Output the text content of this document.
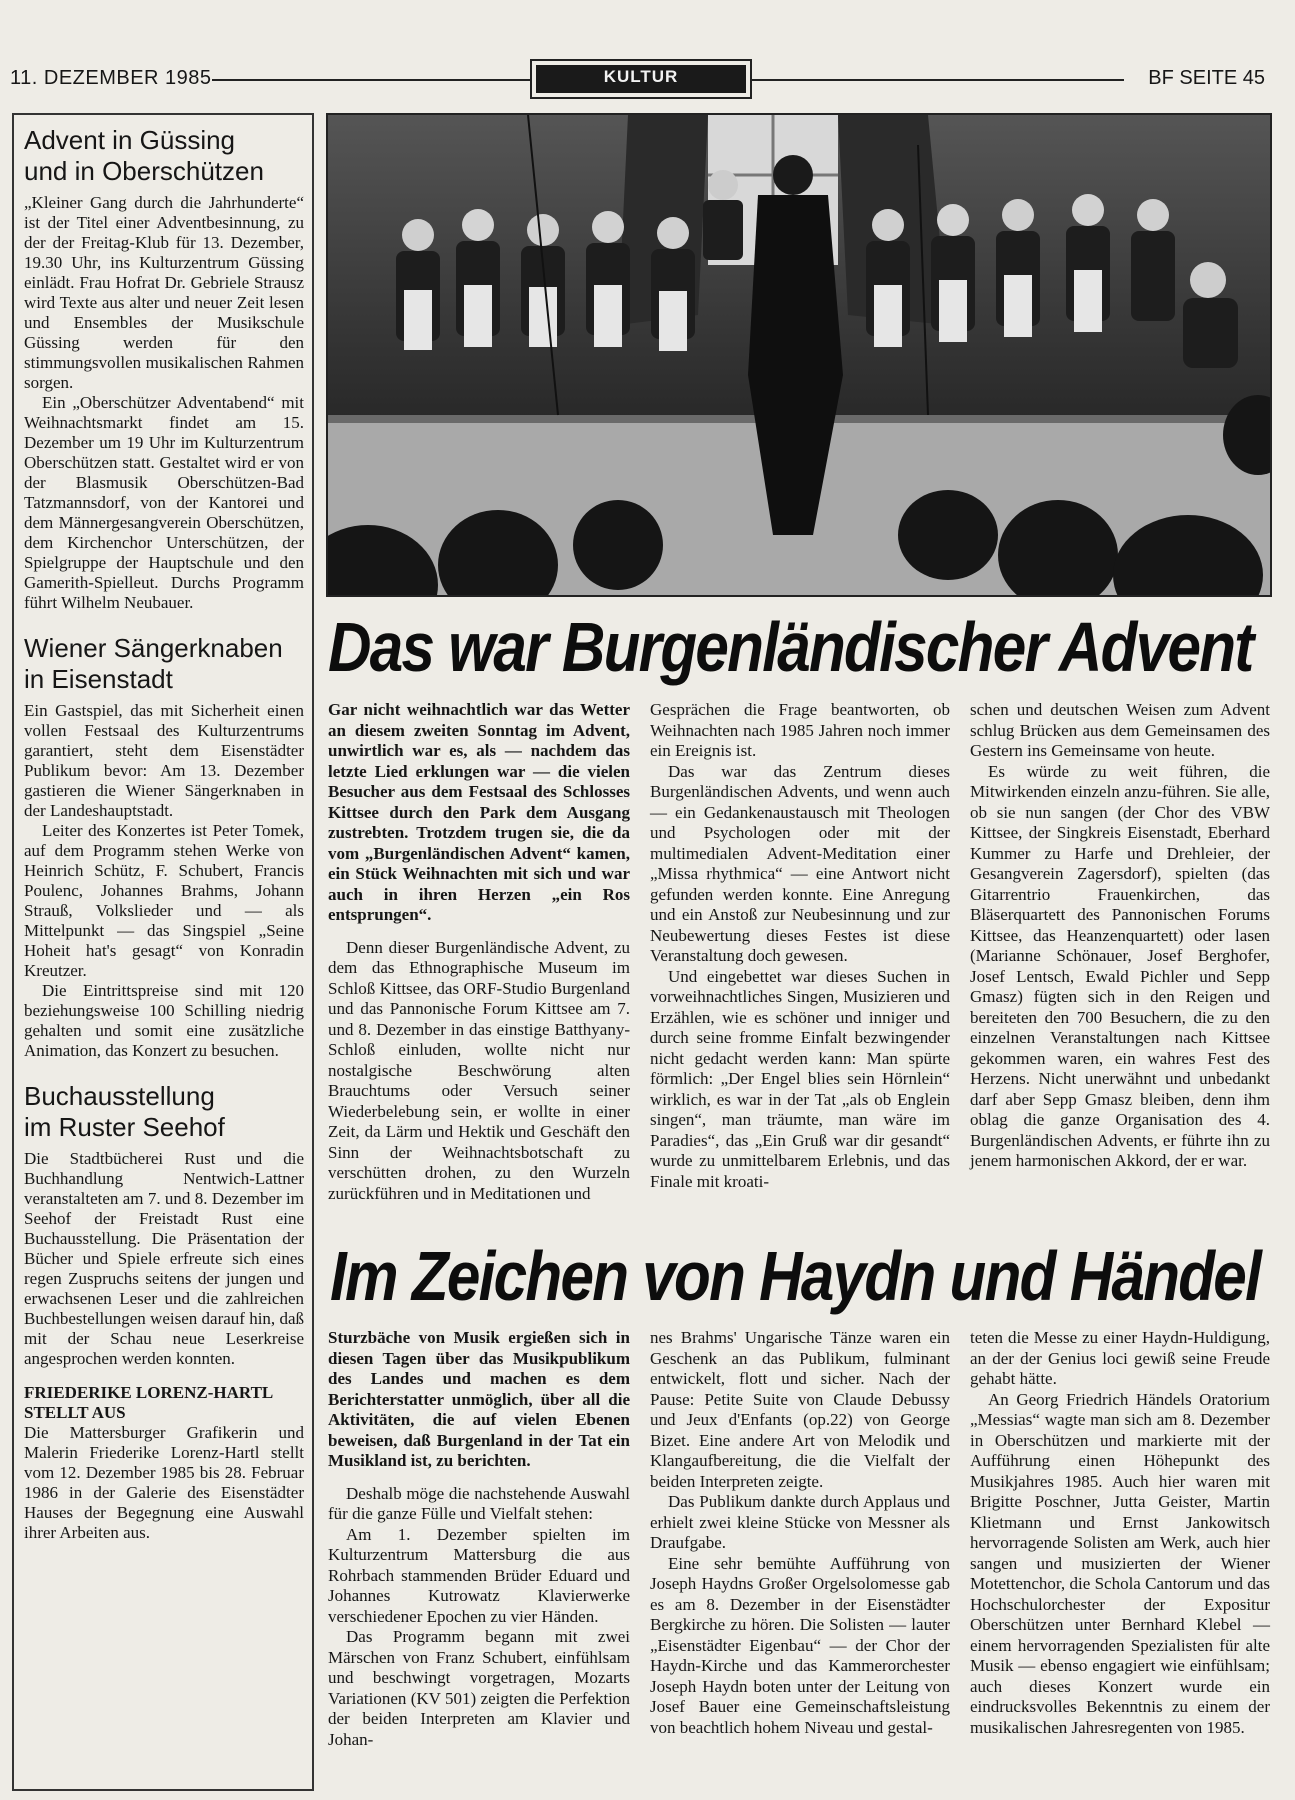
11. DEZEMBER 1985	KULTUR	BF SEITE 45
Advent in Güssing
und in Oberschützen

„Kleiner Gang durch die Jahrhunderte“ ist der Titel einer Adventbesinnung, zu der der Freitag-Klub für 13. Dezember, 19.30 Uhr, ins Kulturzentrum Güssing einlädt. Frau Hofrat Dr. Gebriele Strausz wird Texte aus alter und neuer Zeit lesen und Ensembles der Musikschule Güssing werden für den stimmungsvollen musikalischen Rahmen sorgen.

Ein „Oberschützer Adventabend“ mit Weihnachtsmarkt findet am 15. Dezember um 19 Uhr im Kulturzentrum Oberschützen statt. Gestaltet wird er von der Blasmusik Oberschützen-Bad Tatzmannsdorf, von der Kantorei und dem Männergesangverein Oberschützen, dem Kirchenchor Unterschützen, der Spielgruppe der Hauptschule und den Gamerith-Spielleut. Durchs Programm führt Wilhelm Neubauer.

Wiener Sängerknaben
in Eisenstadt

Ein Gastspiel, das mit Sicherheit einen vollen Festsaal des Kulturzentrums garantiert, steht dem Eisenstädter Publikum bevor: Am 13. Dezember gastieren die Wiener Sängerknaben in der Landeshauptstadt.

Leiter des Konzertes ist Peter Tomek, auf dem Programm stehen Werke von Heinrich Schütz, F. Schubert, Francis Poulenc, Johannes Brahms, Johann Strauß, Volkslieder und — als Mittelpunkt — das Singspiel „Seine Hoheit hat's gesagt“ von Konradin Kreutzer.

Die Eintrittspreise sind mit 120 beziehungsweise 100 Schilling niedrig gehalten und somit eine zusätzliche Animation, das Konzert zu besuchen.

Buchausstellung
im Ruster Seehof

Die Stadtbücherei Rust und die Buchhandlung Nentwich-Lattner veranstalteten am 7. und 8. Dezember im Seehof der Freistadt Rust eine Buchausstellung. Die Präsentation der Bücher und Spiele erfreute sich eines regen Zuspruchs seitens der jungen und erwachsenen Leser und die zahlreichen Buchbestellungen weisen darauf hin, daß mit der Schau neue Leserkreise angesprochen werden konnten.

FRIEDERIKE LORENZ-HARTL STELLT AUS

Die Mattersburger Grafikerin und Malerin Friederike Lorenz-Hartl stellt vom 12. Dezember 1985 bis 28. Februar 1986 in der Galerie des Eisenstädter Hauses der Begegnung eine Auswahl ihrer Arbeiten aus.

Das war Burgenländischer Advent

Gar nicht weihnachtlich war das Wetter an diesem zweiten Sonntag im Advent, unwirtlich war es, als — nachdem das letzte Lied erklungen war — die vielen Besucher aus dem Festsaal des Schlosses Kittsee durch den Park dem Ausgang zustrebten. Trotzdem trugen sie, die da vom „Burgenländischen Advent“ kamen, ein Stück Weihnachten mit sich und war auch in ihren Herzen „ein Ros entsprungen“.

Denn dieser Burgenländische Advent, zu dem das Ethnographische Museum im Schloß Kittsee, das ORF-Studio Burgenland und das Pannonische Forum Kittsee am 7. und 8. Dezember in das einstige Batthyany-Schloß einluden, wollte nicht nur nostalgische Beschwörung alten Brauchtums oder Versuch seiner Wiederbelebung sein, er wollte in einer Zeit, da Lärm und Hektik und Geschäft den Sinn der Weihnachtsbotschaft zu verschütten drohen, zu den Wurzeln zurückführen und in Meditationen und

Gesprächen die Frage beantworten, ob Weihnachten nach 1985 Jahren noch immer ein Ereignis ist.

Das war das Zentrum dieses Burgenländischen Advents, und wenn auch — ein Gedankenaustausch mit Theologen und Psychologen oder mit der multimedialen Advent-Meditation einer „Missa rhythmica“ — eine Antwort nicht gefunden werden konnte. Eine Anregung und ein Anstoß zur Neubesinnung und zur Neubewertung dieses Festes ist diese Veranstaltung doch gewesen.

Und eingebettet war dieses Suchen in vorweihnachtliches Singen, Musizieren und Erzählen, wie es schöner und inniger und durch seine fromme Einfalt bezwingender nicht gedacht werden kann: Man spürte förmlich: „Der Engel blies sein Hörnlein“ wirklich, es war in der Tat „als ob Englein singen“, man träumte, man wäre im Paradies“, das „Ein Gruß war dir gesandt“ wurde zu unmittelbarem Erlebnis, und das Finale mit kroati-

schen und deutschen Weisen zum Advent schlug Brücken aus dem Gemeinsamen des Gestern ins Gemeinsame von heute.

Es würde zu weit führen, die Mitwirkenden einzeln anzu-führen. Sie alle, ob sie nun sangen (der Chor des VBW Kittsee, der Singkreis Eisenstadt, Eberhard Kummer zu Harfe und Drehleier, der Gesangverein Zagersdorf), spielten (das Gitarrentrio Frauenkirchen, das Bläserquartett des Pannonischen Forums Kittsee, das Heanzenquartett) oder lasen (Marianne Schönauer, Josef Berghofer, Josef Lentsch, Ewald Pichler und Sepp Gmasz) fügten sich in den Reigen und bereiteten den 700 Besuchern, die zu den einzelnen Veranstaltungen nach Kittsee gekommen waren, ein wahres Fest des Herzens. Nicht unerwähnt und unbedankt darf aber Sepp Gmasz bleiben, denn ihm oblag die ganze Organisation des 4. Burgenländischen Advents, er führte ihn zu jenem harmonischen Akkord, der er war.

Im Zeichen von Haydn und Händel

Sturzbäche von Musik ergießen sich in diesen Tagen über das Musikpublikum des Landes und machen es dem Berichterstatter unmöglich, über all die Aktivitäten, die auf vielen Ebenen beweisen, daß Burgenland in der Tat ein Musikland ist, zu berichten.

Deshalb möge die nachstehende Auswahl für die ganze Fülle und Vielfalt stehen:

Am 1. Dezember spielten im Kulturzentrum Mattersburg die aus Rohrbach stammenden Brüder Eduard und Johannes Kutrowatz Klavierwerke verschiedener Epochen zu vier Händen.

Das Programm begann mit zwei Märschen von Franz Schubert, einfühlsam und beschwingt vorgetragen, Mozarts Variationen (KV 501) zeigten die Perfektion der beiden Interpreten am Klavier und Johan-

nes Brahms' Ungarische Tänze waren ein Geschenk an das Publikum, fulminant entwickelt, flott und sicher. Nach der Pause: Petite Suite von Claude Debussy und Jeux d'Enfants (op.22) von George Bizet. Eine andere Art von Melodik und Klangaufbereitung, die die Vielfalt der beiden Interpreten zeigte.

Das Publikum dankte durch Applaus und erhielt zwei kleine Stücke von Messner als Draufgabe.

Eine sehr bemühte Aufführung von Joseph Haydns Großer Orgelsolomesse gab es am 8. Dezember in der Eisenstädter Bergkirche zu hören. Die Solisten — lauter „Eisenstädter Eigenbau“ — der Chor der Haydn-Kirche und das Kammerorchester Joseph Haydn boten unter der Leitung von Josef Bauer eine Gemeinschaftsleistung von beachtlich hohem Niveau und gestal-

teten die Messe zu einer Haydn-Huldigung, an der der Genius loci gewiß seine Freude gehabt hätte.

An Georg Friedrich Händels Oratorium „Messias“ wagte man sich am 8. Dezember in Oberschützen und markierte mit der Aufführung einen Höhepunkt des Musikjahres 1985. Auch hier waren mit Brigitte Poschner, Jutta Geister, Martin Klietmann und Ernst Jankowitsch hervorragende Solisten am Werk, auch hier sangen und musizierten der Wiener Motettenchor, die Schola Cantorum und das Hochschulorchester der Expositur Oberschützen unter Bernhard Klebel — einem hervorragenden Spezialisten für alte Musik — ebenso engagiert wie einfühlsam; auch dieses Konzert wurde ein eindrucksvolles Bekenntnis zu einem der musikalischen Jahresregenten von 1985.
